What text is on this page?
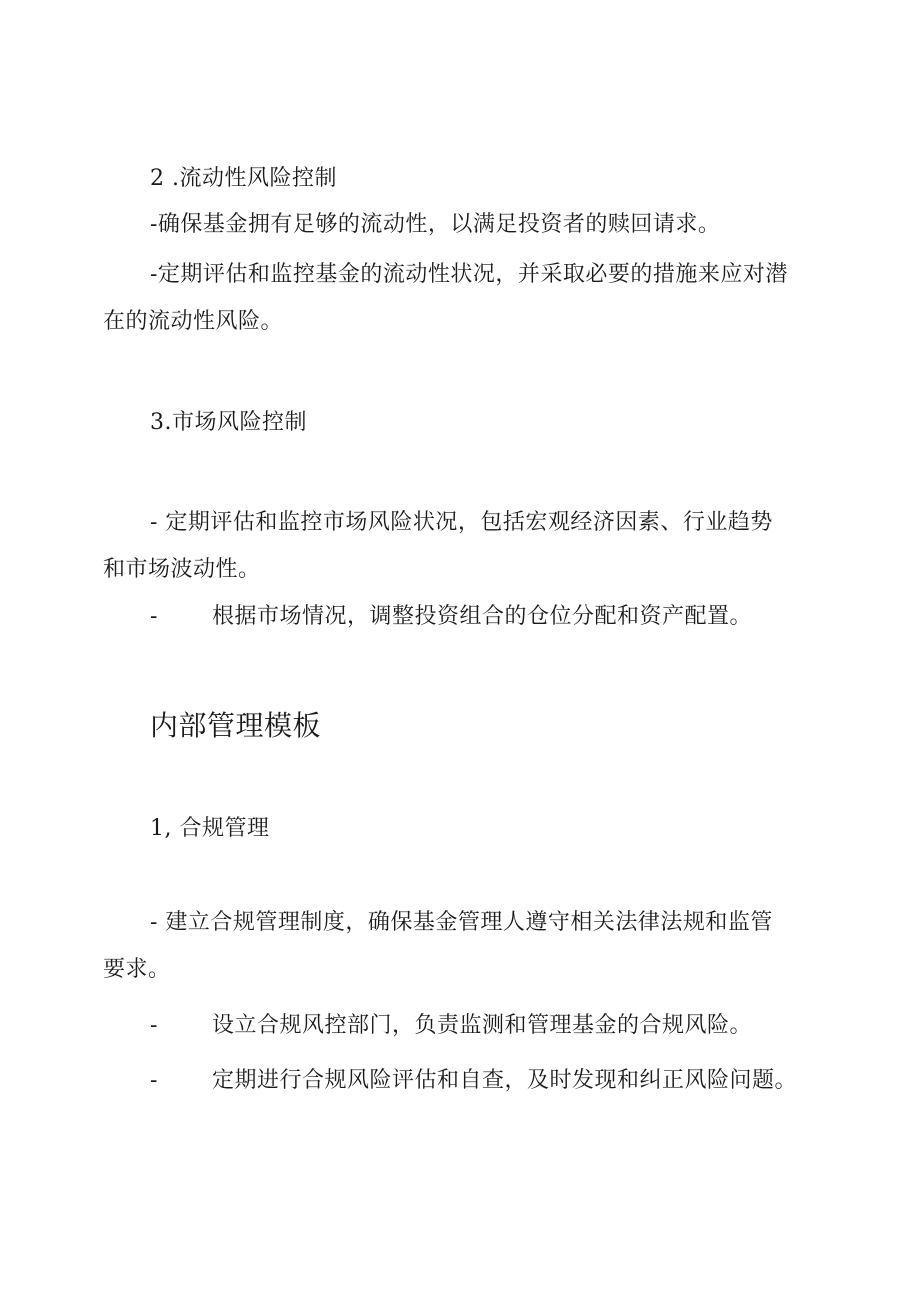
2 .流动性风险控制
-确保基金拥有足够的流动性，以满足投资者的赎回请求。
-定期评估和监控基金的流动性状况，并采取必要的措施来应对潜
在的流动性风险。
3.市场风险控制
- 定期评估和监控市场风险状况，包括宏观经济因素、行业趋势
和市场波动性。
- 根据市场情况，调整投资组合的仓位分配和资产配置。
内部管理模板
1, 合规管理
- 建立合规管理制度，确保基金管理人遵守相关法律法规和监管
要求。
- 设立合规风控部门，负责监测和管理基金的合规风险。
- 定期进行合规风险评估和自查，及时发现和纠正风险问题。
